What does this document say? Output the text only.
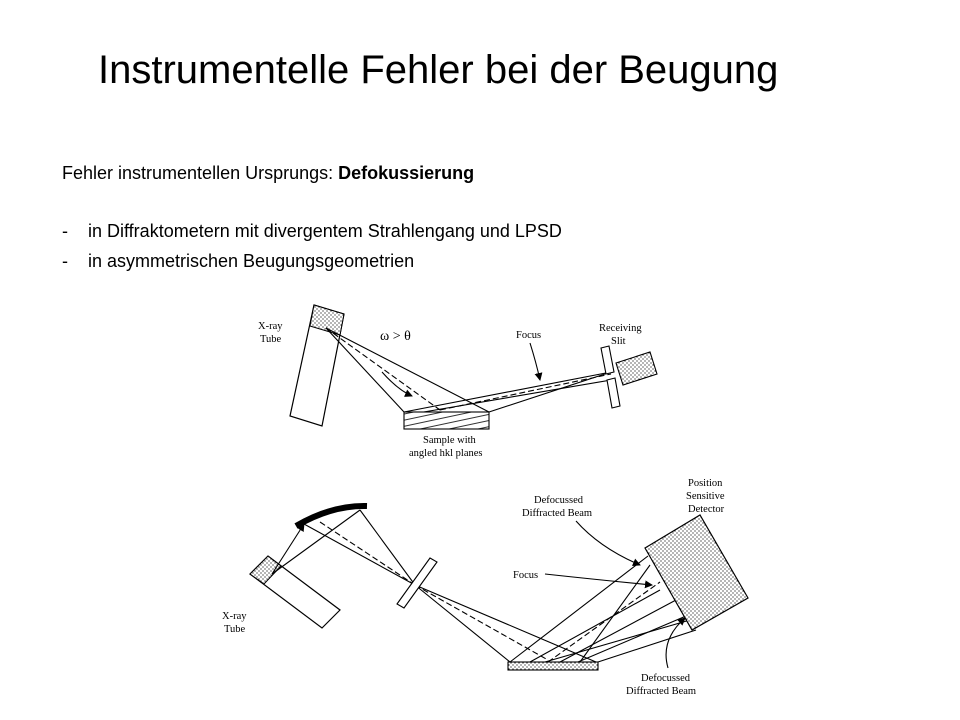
Instrumentelle Fehler bei der Beugung
Fehler instrumentellen Ursprungs: Defokussierung
-	in Diffraktometern mit divergentem Strahlengang und LPSD
-	in asymmetrischen Beugungsgeometrien
X-ray
Tube	ω > θ
Sample with
angled hkl planes
Focus
Receiving
Slit
X-ray
Tube
Position
Sensitive
Detector
Defocussed
Diffracted Beam
Focus
Defocussed
Diffracted Beam
